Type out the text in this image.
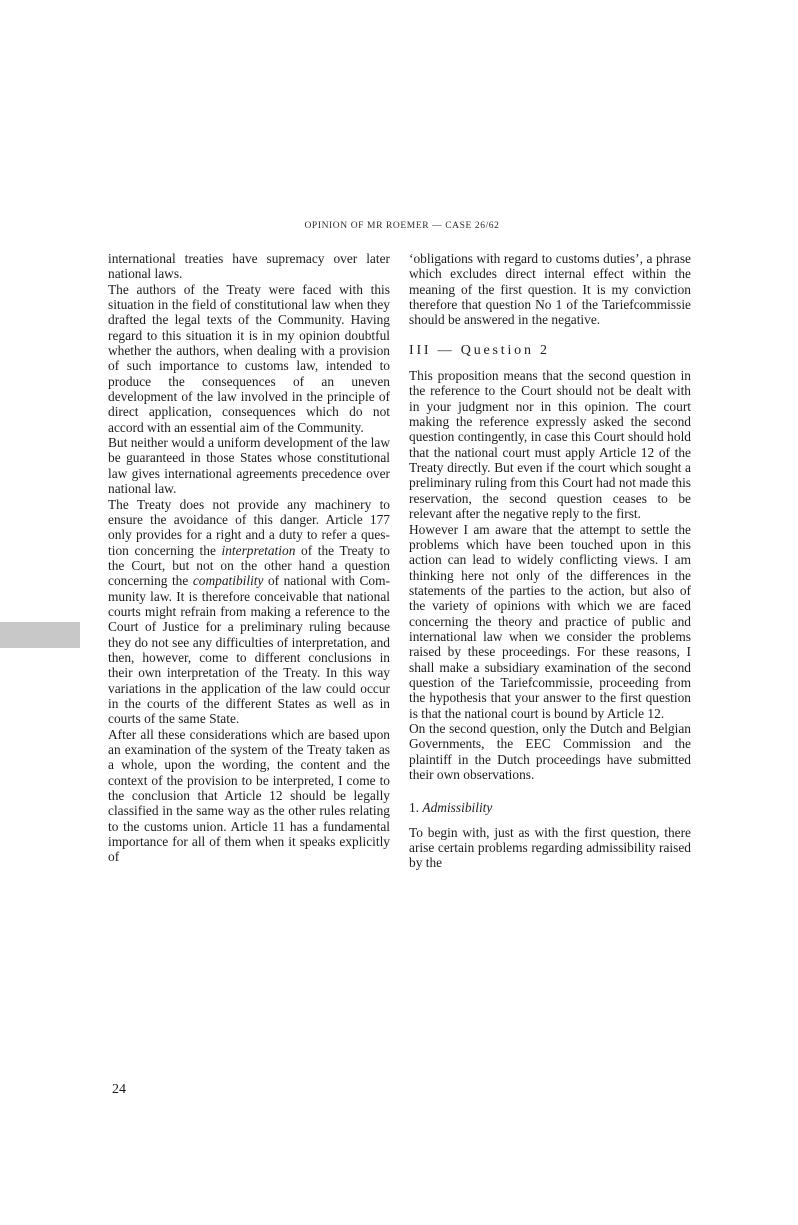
OPINION OF MR ROEMER — CASE 26/62

international treaties have supremacy over later national laws.

The authors of the Treaty were faced with this situation in the field of constitutional law when they drafted the legal texts of the Community. Having regard to this situation it is in my opinion doubtful whether the authors, when dealing with a provision of such importance to customs law, intended to produce the consequences of an uneven development of the law involved in the principle of direct application, consequences which do not accord with an essential aim of the Community.

But neither would a uniform development of the law be guaranteed in those States whose constitutional law gives international agreements precedence over national law.

The Treaty does not provide any machinery to ensure the avoidance of this danger. Article 177 only provides for a right and a duty to refer a question concerning the interpretation of the Treaty to the Court, but not on the other hand a question concerning the compatibility of national with Community law. It is therefore conceivable that national courts might refrain from making a reference to the Court of Justice for a preliminary ruling because they do not see any difficulties of interpretation, and then, however, come to different conclusions in their own interpretation of the Treaty. In this way variations in the application of the law could occur in the courts of the different States as well as in courts of the same State.

After all these considerations which are based upon an examination of the system of the Treaty taken as a whole, upon the wording, the content and the context of the provision to be interpreted, I come to the conclusion that Article 12 should be legally classified in the same way as the other rules relating to the customs union. Article 11 has a fundamental importance for all of them when it speaks explicitly of

‘obligations with regard to customs duties’, a phrase which excludes direct internal effect within the meaning of the first question. It is my conviction therefore that question No 1 of the Tariefcommissie should be answered in the negative.

III — Question 2

This proposition means that the second question in the reference to the Court should not be dealt with in your judgment nor in this opinion. The court making the reference expressly asked the second question contingently, in case this Court should hold that the national court must apply Article 12 of the Treaty directly. But even if the court which sought a preliminary ruling from this Court had not made this reservation, the second question ceases to be relevant after the negative reply to the first.

However I am aware that the attempt to settle the problems which have been touched upon in this action can lead to widely conflicting views. I am thinking here not only of the differences in the statements of the parties to the action, but also of the variety of opinions with which we are faced concerning the theory and practice of public and international law when we consider the problems raised by these proceedings. For these reasons, I shall make a subsidiary examination of the second question of the Tariefcommissie, proceeding from the hypothesis that your answer to the first question is that the national court is bound by Article 12.

On the second question, only the Dutch and Belgian Governments, the EEC Commission and the plaintiff in the Dutch proceedings have submitted their own observations.

1. Admissibility

To begin with, just as with the first question, there arise certain problems regarding admissibility raised by the

24
